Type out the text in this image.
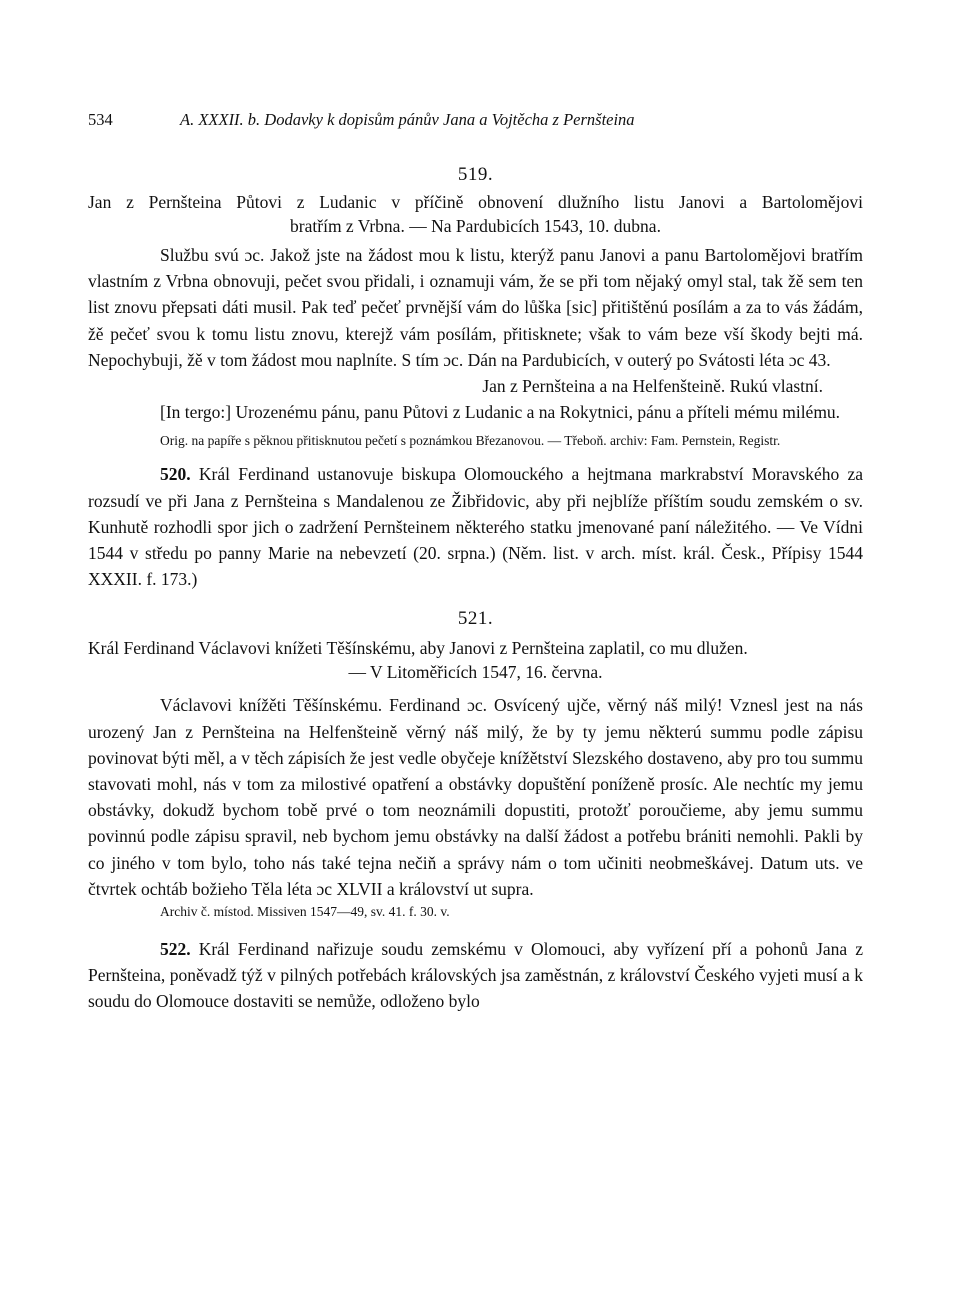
534	A. XXXII. b. Dodavky k dopisům pánův Jana a Vojtěcha z Pernšteina
519.

Jan z Pernšteina Půtovi z Ludanic v příčině obnovení dlužního listu Janovi a Bartolomějovi

bratřím z Vrbna. — Na Pardubicích 1543, 10. dubna.

Službu svú ɔc. Jakož jste na žádost mou k listu, kterýž panu Janovi a panu Bartolomějovi bratřím vlastním z Vrbna obnovuji, pečet svou přidali, i oznamuji vám, že se při tom nějaký omyl stal, tak žě sem ten list znovu přepsati dáti musil. Pak teď pečeť prvnější vám do lůška [sic] přitištěnú posílám a za to vás žádám, žě pečeť svou k tomu listu znovu, kterejž vám posílám, přitisknete; však to vám beze vší škody bejti má. Nepochybuji, žě v tom žádost mou naplníte. S tím ɔc. Dán na Pardubicích, v outerý po Svátosti léta ɔc 43.

Jan z Pernšteina a na Helfenšteině. Rukú vlastní.

[In tergo:] Urozenému pánu, panu Půtovi z Ludanic a na Rokytnici, pánu a příteli mému milému.

Orig. na papíře s pěknou přitisknutou pečetí s poznámkou Březanovou. — Třeboň. archiv: Fam. Pernstein, Registr.

520. Král Ferdinand ustanovuje biskupa Olomouckého a hejtmana markrabství Moravského za rozsudí ve při Jana z Pernšteina s Mandalenou ze Žibřidovic, aby při nejblíže příštím soudu zemském o sv. Kunhutě rozhodli spor jich o zadržení Pernšteinem některého statku jmenované paní náležitého. — Ve Vídni 1544 v středu po panny Marie na nebevzetí (20. srpna.) (Něm. list. v arch. míst. král. Česk., Přípisy 1544 XXXII. f. 173.)

521.

Král Ferdinand Václavovi knížeti Těšínskému, aby Janovi z Pernšteina zaplatil, co mu dlužen.

— V Litoměřicích 1547, 16. června.

Václavovi knížěti Těšínskému. Ferdinand ɔc. Osvícený ujče, věrný náš milý! Vznesl jest na nás urozený Jan z Pernšteina na Helfenšteině věrný náš milý, že by ty jemu některú summu podle zápisu povinovat býti měl, a v těch zápisích že jest vedle obyčeje knížětství Slezského dostaveno, aby pro tou summu stavovati mohl, nás v tom za milostivé opatření a obstávky dopuštění poníženě prosíc. Ale nechtíc my jemu obstávky, dokudž bychom tobě prvé o tom neoznámili dopustiti, protožť poroučieme, aby jemu summu povinnú podle zápisu spravil, neb bychom jemu obstávky na další žádost a potřebu brániti nemohli. Pakli by co jiného v tom bylo, toho nás také tejna nečiň a správy nám o tom učiniti neobmeškávej. Datum uts. ve čtvrtek ochtáb božieho Těla léta ɔc XLVII a království ut supra.

Archiv č. místod. Missiven 1547—49, sv. 41. f. 30. v.

522. Král Ferdinand nařizuje soudu zemskému v Olomouci, aby vyřízení pří a pohonů Jana z Pernšteina, poněvadž týž v pilných potřebách královských jsa zaměstnán, z království Českého vyjeti musí a k soudu do Olomouce dostaviti se nemůže, odloženo bylo
